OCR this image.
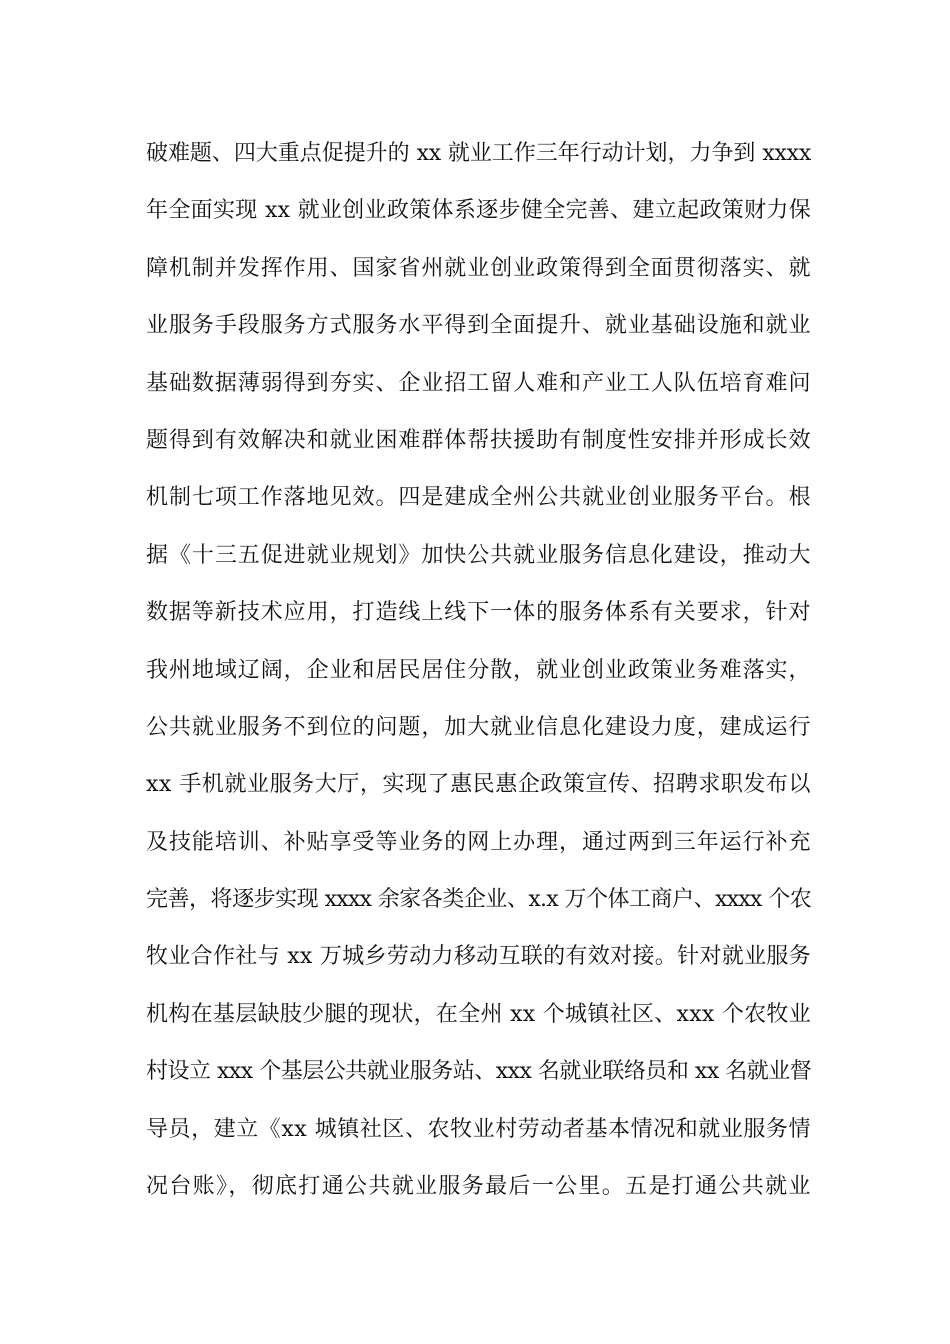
破难题、四大重点促提升的 xx 就业工作三年行动计划，力争到 xxxx
年全面实现 xx 就业创业政策体系逐步健全完善、建立起政策财力保
障机制并发挥作用、国家省州就业创业政策得到全面贯彻落实、就
业服务手段服务方式服务水平得到全面提升、就业基础设施和就业
基础数据薄弱得到夯实、企业招工留人难和产业工人队伍培育难问
题得到有效解决和就业困难群体帮扶援助有制度性安排并形成长效
机制七项工作落地见效。四是建成全州公共就业创业服务平台。根
据《十三五促进就业规划》加快公共就业服务信息化建设，推动大
数据等新技术应用，打造线上线下一体的服务体系有关要求，针对
我州地域辽阔，企业和居民居住分散，就业创业政策业务难落实，
公共就业服务不到位的问题，加大就业信息化建设力度，建成运行
xx 手机就业服务大厅，实现了惠民惠企政策宣传、招聘求职发布以
及技能培训、补贴享受等业务的网上办理，通过两到三年运行补充
完善，将逐步实现 xxxx 余家各类企业、x.x 万个体工商户、xxxx 个农
牧业合作社与 xx 万城乡劳动力移动互联的有效对接。针对就业服务
机构在基层缺肢少腿的现状，在全州 xx 个城镇社区、xxx 个农牧业
村设立 xxx 个基层公共就业服务站、xxx 名就业联络员和 xx 名就业督
导员，建立《xx 城镇社区、农牧业村劳动者基本情况和就业服务情
况台账》，彻底打通公共就业服务最后一公里。五是打通公共就业
